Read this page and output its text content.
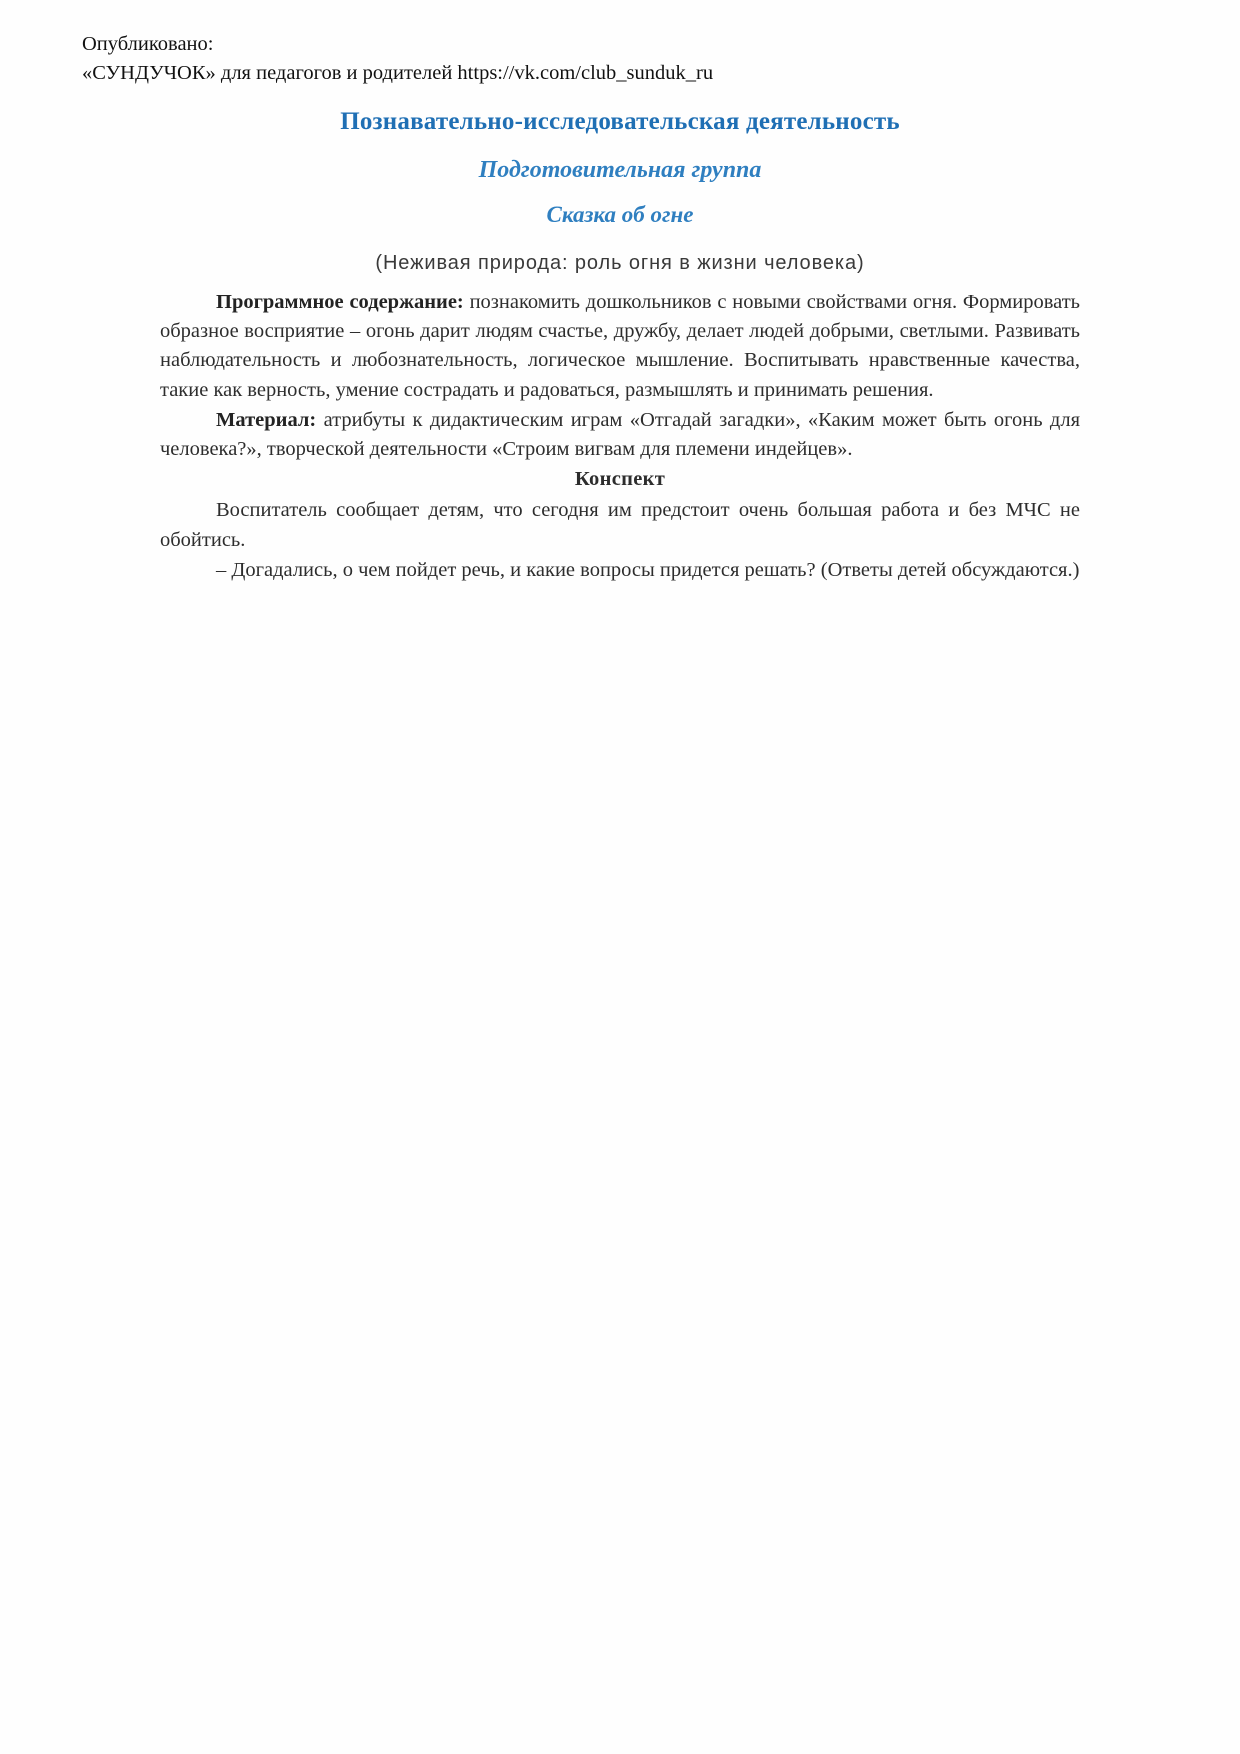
Опубликовано:
«СУНДУЧОК» для педагогов и родителей https://vk.com/club_sunduk_ru
Познавательно-исследовательская деятельность
Подготовительная группа
Сказка об огне
(Неживая природа: роль огня в жизни человека)

Программное содержание: познакомить дошкольников с новыми свойствами огня. Формировать образное восприятие – огонь дарит людям счастье, дружбу, делает людей добрыми, светлыми. Развивать наблюдательность и любознательность, логическое мышление. Воспитывать нравственные качества, такие как верность, умение сострадать и радоваться, размышлять и принимать решения.

Материал: атрибуты к дидактическим играм «Отгадай загадки», «Каким может быть огонь для человека?», творческой деятельности «Строим вигвам для племени индейцев».

Конспект

Воспитатель сообщает детям, что сегодня им предстоит очень большая работа и без МЧС не обойтись.

– Догадались, о чем пойдет речь, и какие вопросы придется решать? (Ответы детей обсуждаются.)
